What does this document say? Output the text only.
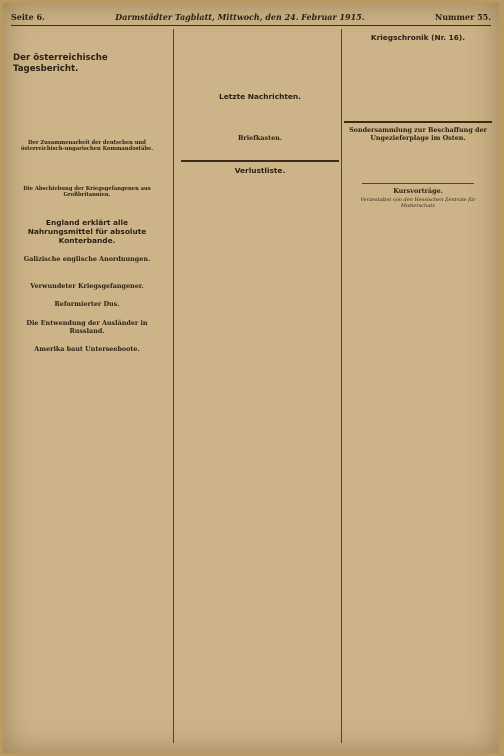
Seite 6.	Darmstädter Tagblatt, Mittwoch, den 24. Februar 1915.	Nummer 55.

Der österreichische Tagesbericht.

Der Zusammenarbeit der deutschen und österreichisch-ungarischen Kommandostäbe.

Die Abschiebung der Kriegsgefangenen aus Großbritannien.

England erklärt alle Nahrungsmittel für absolute Konterbande.

Galizische englische Anordnungen.

Verwundeter Kriegsgefangener.

Reformierter Dus.

Die Entwendung der Ausländer in Russland.

Amerika baut Unterseeboote.

Letzte Nachrichten.

Briefkasten.

Verlustliste.

Kriegschronik (Nr. 16).

Sondersammlung zur Beschaffung der Ungezieferplage im Osten.

Kursvorträge.
Veranstaltet von den Hessischen Zentrale für Mutterschutz
